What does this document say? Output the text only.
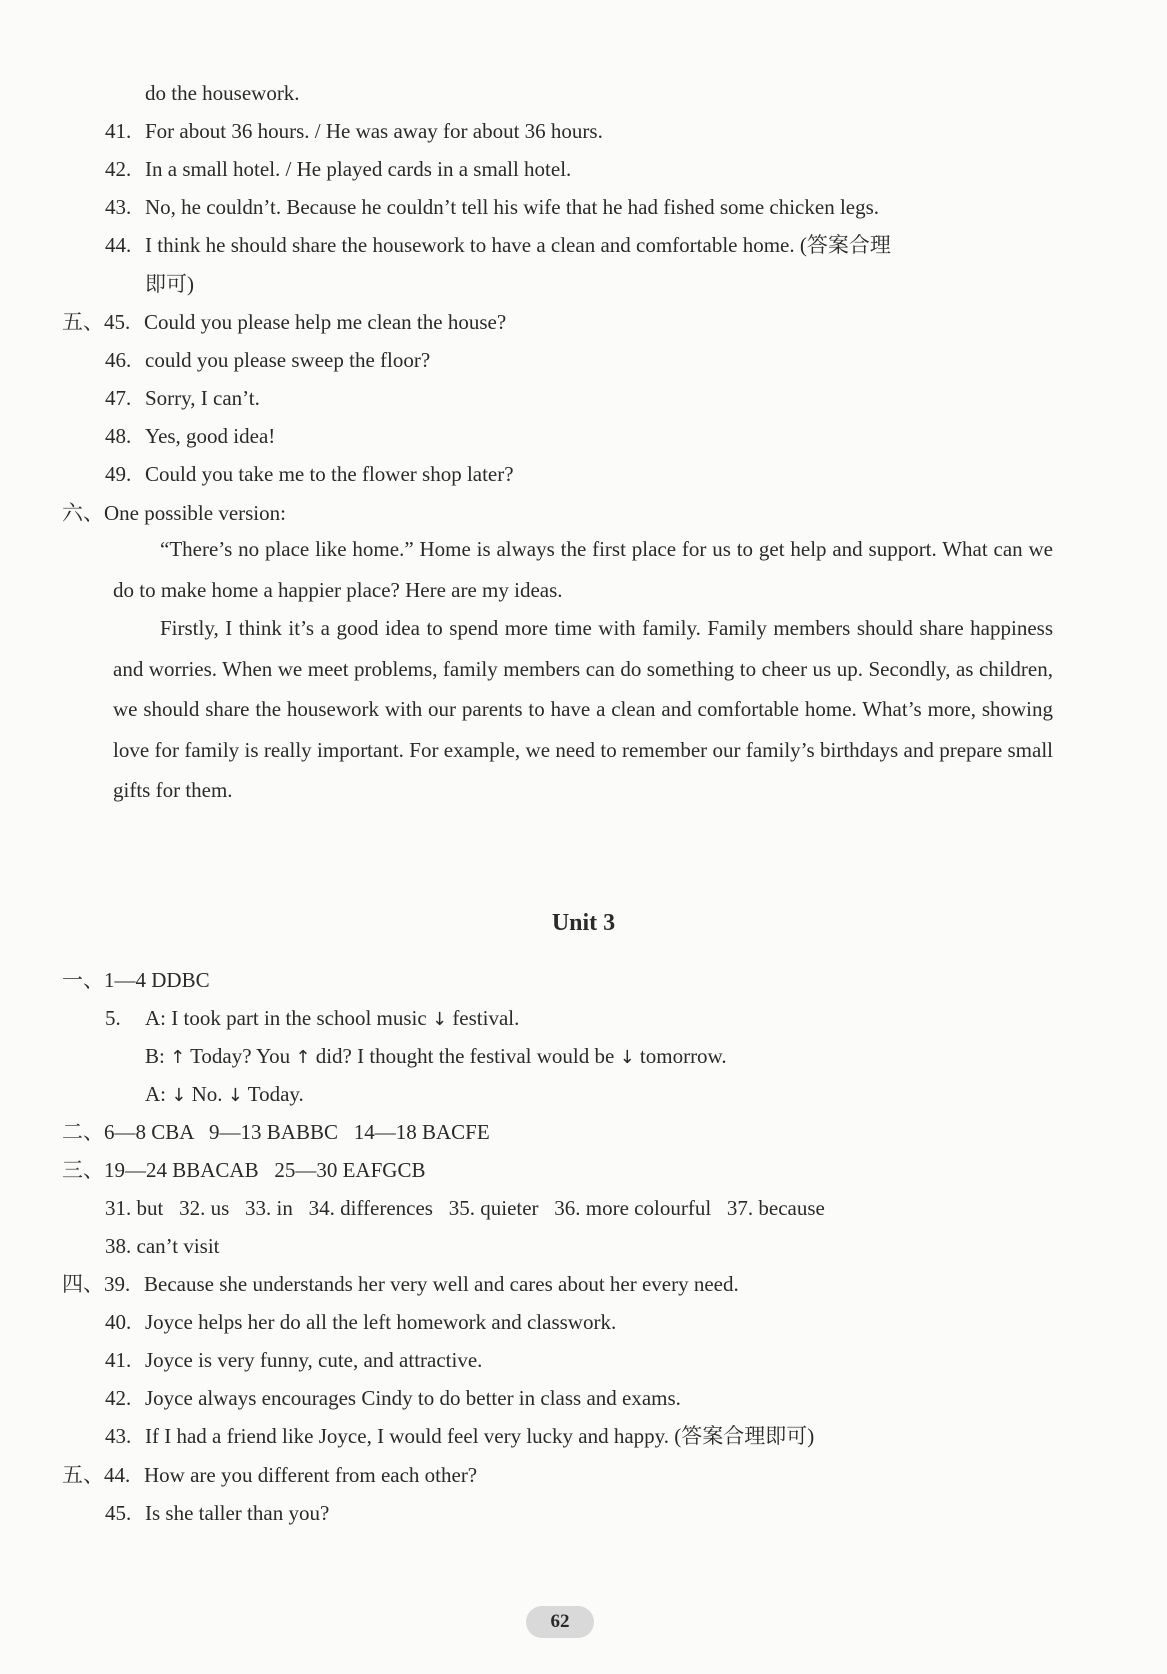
do the housework.
41. For about 36 hours. / He was away for about 36 hours.
42. In a small hotel. / He played cards in a small hotel.
43. No, he couldn’t. Because he couldn’t tell his wife that he had fished some chicken legs.
44. I think he should share the housework to have a clean and comfortable home. (答案合理
即可)
五、45. Could you please help me clean the house?
46. could you please sweep the floor?
47. Sorry, I can’t.
48. Yes, good idea!
49. Could you take me to the flower shop later?
六、One possible version:

“There’s no place like home.” Home is always the first place for us to get help and support. What can we do to make home a happier place? Here are my ideas.

Firstly, I think it’s a good idea to spend more time with family. Family members should share happiness and worries. When we meet problems, family members can do something to cheer us up. Secondly, as children, we should share the housework with our parents to have a clean and comfortable home. What’s more, showing love for family is really important. For example, we need to remember our family’s birthdays and prepare small gifts for them.

Unit 3
一、1—4 DDBC
5. A: I took part in the school music ↓ festival.
B: ↑ Today? You ↑ did? I thought the festival would be ↓ tomorrow.
A: ↓ No. ↓ Today.
二、6—8 CBA   9—13 BABBC   14—18 BACFE
三、19—24 BBACAB   25—30 EAFGCB
31. but   32. us   33. in   34. differences   35. quieter   36. more colourful   37. because
38. can’t visit
四、39. Because she understands her very well and cares about her every need.
40. Joyce helps her do all the left homework and classwork.
41. Joyce is very funny, cute, and attractive.
42. Joyce always encourages Cindy to do better in class and exams.
43. If I had a friend like Joyce, I would feel very lucky and happy. (答案合理即可)
五、44. How are you different from each other?
45. Is she taller than you?
62
